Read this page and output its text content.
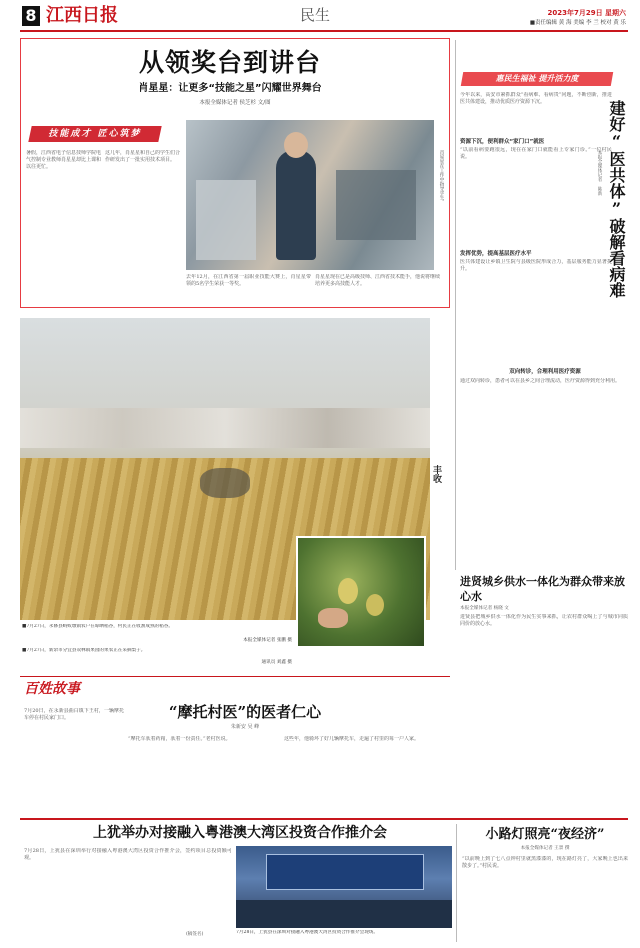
8 江西日报	民生	2023年7月29日 星期六
■责任编辑 黄 海 美编 李 兰 校对 黄 乐
从领奖台到讲台
肖星星：让更多“技能之星”闪耀世界舞台
本报全媒体记者 侯芝杉 文/图
技能成才 匠心筑梦
暑假，江西省电子信息技师学院电气控制专业教师肖星星却比上课和以往更忙。
这几年，肖星星和自己的学生们合作研发出了一批实用技术项目。	肖星星在工作中指导学生。
去年12月，在江西省第一届职业技能大赛上，肖星星带领的5名学生荣获一等奖。
肖星星现在已是高级技师、江西省技术能手，他说将继续培养更多高技能人才。
惠民生福祉 提升活力度
今年以来，高安市紧抓群众“看病难、看病贵”问题，不断创新，推进医共体建设，推动优质医疗资源下沉。
资源下沉，便利群众“家门口”就医
“以前看病要跑很远，现在在家门口就能看上专家门诊。”一位村民说。
发挥优势，提高基层医疗水平
医共体建设让乡镇卫生院与县级医院形成合力，基层服务能力显著提升。
双向转诊，合理利用医疗资源
通过双向转诊，患者可以在县乡之间合理流动，医疗资源得到充分利用。
建好“医共体”破解看病难
本报全媒体记者 陈新
丰收
■7月27日，永修县蚂蚁墩镇农户在晾晒稻谷，村民正在收割成熟的稻谷。
本报全媒体记者 张鹏 摄
■7月27日，新余市分宜县双林镇果园的果农正在采摘梨子。
通讯员 刘鑫 摄
进贤城乡供水一体化为群众带来放心水
本报全媒体记者 杨晓 文
进贤县把城乡供水一体化作为民生实事来抓，让农村群众喝上了与城市同质同价的放心水。
百姓故事
“摩托村医”的医者仁心
朱新安 吴 峰
7月20日，在永新县曲白镇下王村，一辆摩托车停在村民家门口。
“摩托车驮着药箱，驮着一份责任。”老村医说。	这些年，他骑坏了好几辆摩托车，走遍了村里的每一户人家。
上犹举办对接融入粤港澳大湾区投资合作推介会
7月28日，上犹县在深圳举行对接融入粤港澳大湾区投资合作推介会，签约项目总投资额可观。
7月28日，上犹县在深圳对接融入粤港澳大湾区投资合作推介会现场。
(稿签名)
小路灯照亮“夜经济”
本报全媒体记者 王景 撰
“以前晚上到了七八点钟村里就黑漆漆的，现在路灯亮了，大家晚上也出来散步了。”村民说。
